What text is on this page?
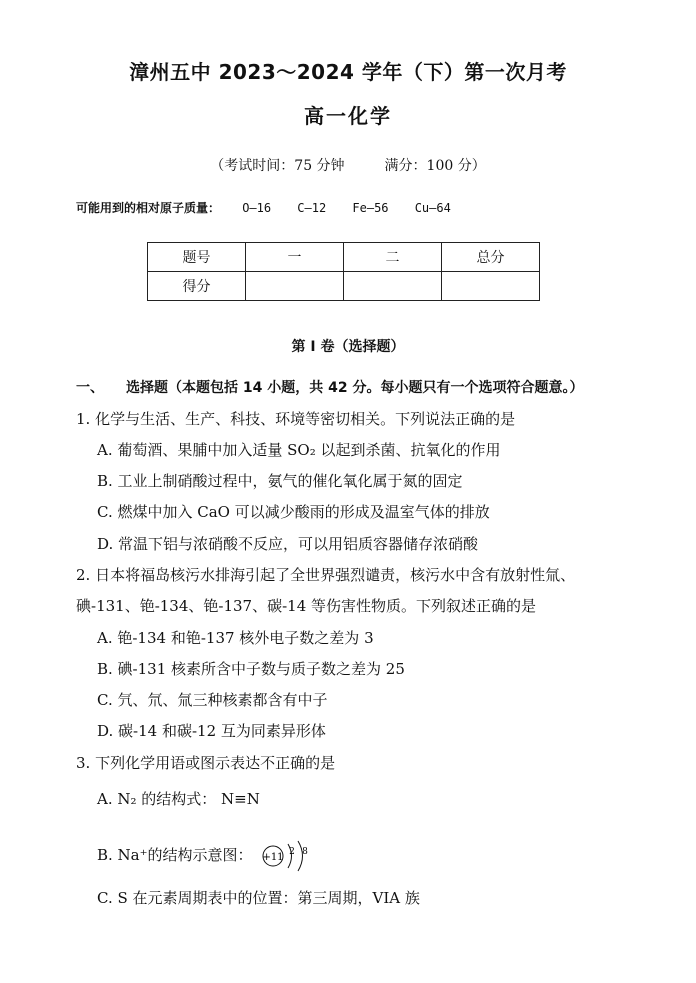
漳州五中 2023～2024 学年（下）第一次月考
高一化学
（考试时间：75 分钟	满分：100 分）
可能用到的相对原子质量： O—16 C—12 Fe—56 Cu—64
题号	一	二	总分
得分			
第 I 卷（选择题）
一、 选择题（本题包括 14 小题，共 42 分。每小题只有一个选项符合题意。）
1. 化学与生活、生产、科技、环境等密切相关。下列说法正确的是
A. 葡萄酒、果脯中加入适量 SO₂ 以起到杀菌、抗氧化的作用
B. 工业上制硝酸过程中，氨气的催化氧化属于氮的固定
C. 燃煤中加入 CaO 可以减少酸雨的形成及温室气体的排放
D. 常温下铝与浓硝酸不反应，可以用铝质容器储存浓硝酸
2. 日本将福岛核污水排海引起了全世界强烈谴责，核污水中含有放射性氚、
碘-131、铯-134、铯-137、碳-14 等伤害性物质。下列叙述正确的是
A. 铯-134 和铯-137 核外电子数之差为 3
B. 碘-131 核素所含中子数与质子数之差为 25
C. 氕、氘、氚三种核素都含有中子
D. 碳-14 和碳-12 互为同素异形体
3. 下列化学用语或图示表达不正确的是
A. N₂ 的结构式： N≡N
B. Na⁺的结构示意图： +11 2 8
C. S 在元素周期表中的位置：第三周期，VIA 族
